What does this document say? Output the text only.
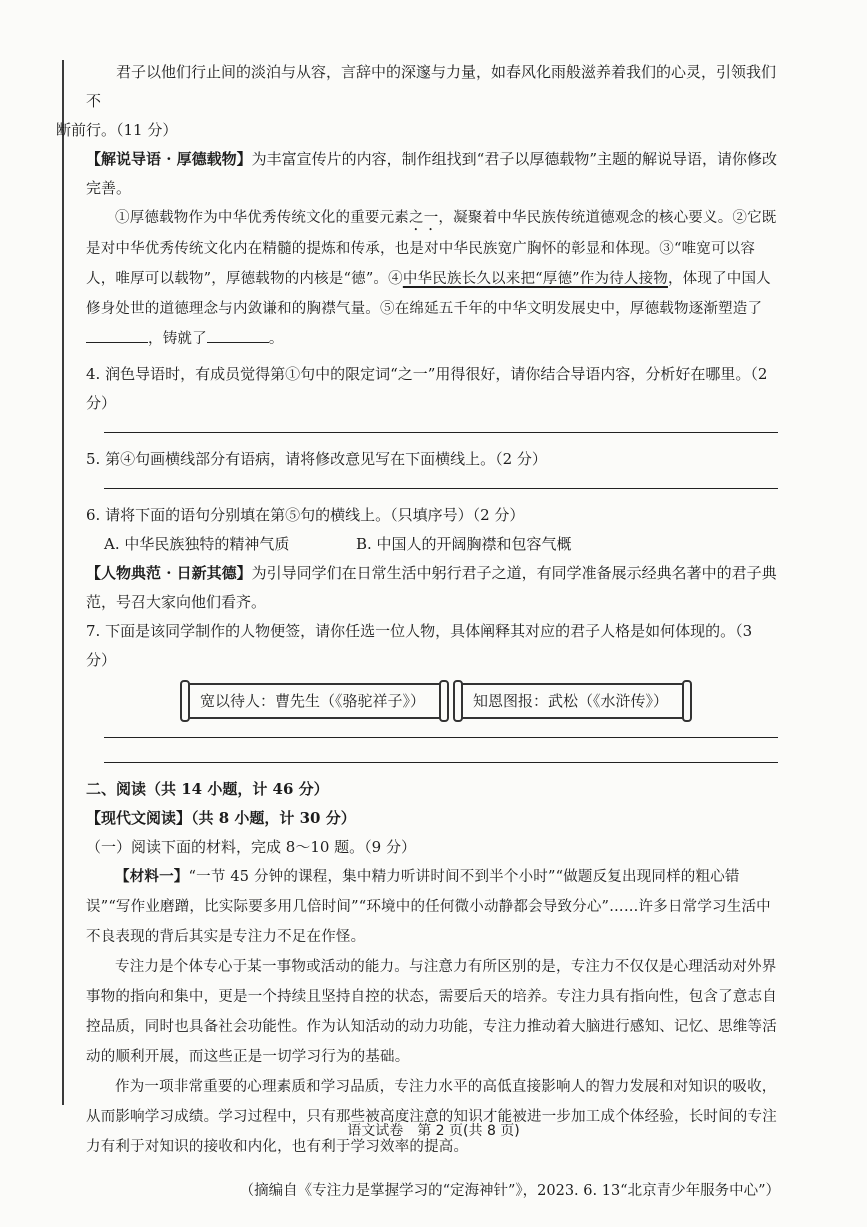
君子以他们行止间的淡泊与从容，言辞中的深邃与力量，如春风化雨般滋养着我们的心灵，引领我们不
断前行。（11 分）

【解说导语 · 厚德载物】为丰富宣传片的内容，制作组找到“君子以厚德载物”主题的解说导语，请你修改完善。

①厚德载物作为中华优秀传统文化的重要元素之一，凝聚着中华民族传统道德观念的核心要义。②它既是对中华优秀传统文化内在精髓的提炼和传承，也是对中华民族宽广胸怀的彰显和体现。③“唯宽可以容人，唯厚可以载物”，厚德载物的内核是“德”。④中华民族长久以来把“厚德”作为待人接物，体现了中国人修身处世的道德理念与内敛谦和的胸襟气量。⑤在绵延五千年的中华文明发展史中，厚德载物逐渐塑造了，铸就了	。

4. 润色导语时，有成员觉得第①句中的限定词“之一”用得很好，请你结合导语内容，分析好在哪里。（2 分）

5. 第④句画横线部分有语病，请将修改意见写在下面横线上。（2 分）

6. 请将下面的语句分别填在第⑤句的横线上。（只填序号）（2 分）

A. 中华民族独特的精神气质	B. 中国人的开阔胸襟和包容气概

【人物典范 · 日新其德】为引导同学们在日常生活中躬行君子之道，有同学准备展示经典名著中的君子典范，号召大家向他们看齐。

7. 下面是该同学制作的人物便签，请你任选一位人物，具体阐释其对应的君子人格是如何体现的。（3 分）

宽以待人：曹先生（《骆驼祥子》）	知恩图报：武松（《水浒传》）

二、阅读（共 14 小题，计 46 分）

【现代文阅读】（共 8 小题，计 30 分）

（一）阅读下面的材料，完成 8～10 题。（9 分）

【材料一】“一节 45 分钟的课程，集中精力听讲时间不到半个小时”“做题反复出现同样的粗心错误”“写作业磨蹭，比实际要多用几倍时间”“环境中的任何微小动静都会导致分心”……许多日常学习生活中不良表现的背后其实是专注力不足在作怪。

专注力是个体专心于某一事物或活动的能力。与注意力有所区别的是，专注力不仅仅是心理活动对外界事物的指向和集中，更是一个持续且坚持自控的状态，需要后天的培养。专注力具有指向性，包含了意志自控品质，同时也具备社会功能性。作为认知活动的动力功能，专注力推动着大脑进行感知、记忆、思维等活动的顺利开展，而这些正是一切学习行为的基础。

作为一项非常重要的心理素质和学习品质，专注力水平的高低直接影响人的智力发展和对知识的吸收，从而影响学习成绩。学习过程中，只有那些被高度注意的知识才能被进一步加工成个体经验，长时间的专注力有利于对知识的接收和内化，也有利于学习效率的提高。

（摘编自《专注力是掌握学习的“定海神针”》，2023. 6. 13“北京青少年服务中心”）

语文试卷　第 2 页(共 8 页)
